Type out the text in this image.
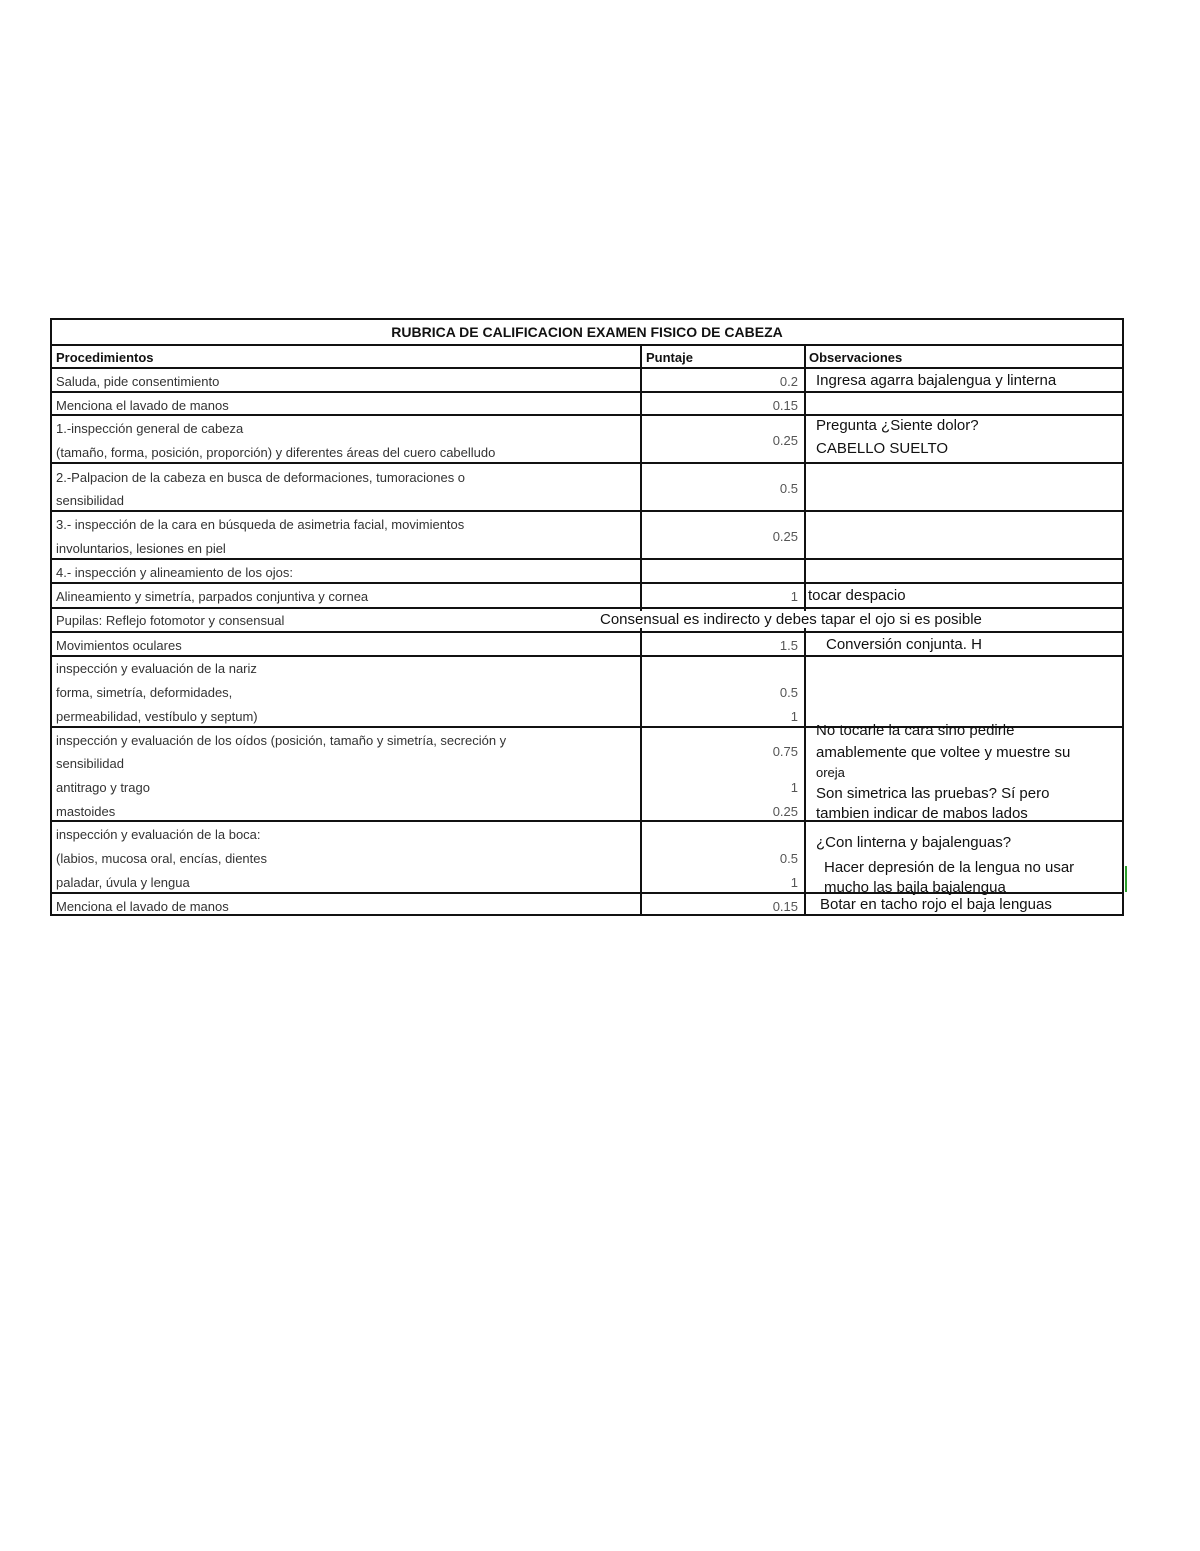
RUBRICA DE CALIFICACION EXAMEN FISICO DE CABEZA
Procedimientos	Puntaje	Observaciones
Saluda, pide consentimiento
Menciona el lavado de manos
1.-inspección general de cabeza
(tamaño, forma, posición, proporción) y diferentes áreas del cuero cabelludo
2.-Palpacion de la cabeza en busca de deformaciones, tumoraciones o
sensibilidad
3.- inspección de la cara en búsqueda de asimetria facial, movimientos
involuntarios, lesiones en piel
4.- inspección y alineamiento de los ojos:
Alineamiento y simetría, parpados conjuntiva y cornea
Pupilas: Reflejo fotomotor y consensual
Movimientos oculares
inspección y evaluación de la nariz
forma, simetría, deformidades,
permeabilidad, vestíbulo y septum)
inspección y evaluación de los oídos (posición, tamaño y simetría, secreción y
sensibilidad
antitrago y trago
mastoides
inspección y evaluación de la boca:
(labios, mucosa oral, encías, dientes
paladar, úvula y lengua
Menciona el lavado de manos
0.2
0.15
0.25
0.5
0.25
1
1.5
0.5
1
0.75
1
0.25
0.5
1
0.15
Ingresa agarra bajalengua y linterna
Pregunta ¿Siente dolor?
CABELLO SUELTO
tocar despacio
Consensual es indirecto y debes tapar el ojo si es posible
Conversión conjunta. H
No tocarle la cara sino pedirle
amablemente que voltee y muestre su
oreja
Son simetrica las pruebas? Sí pero
tambien indicar de mabos lados
¿Con linterna y bajalenguas?
Hacer depresión de la lengua no usar
mucho las bajla bajalengua
Botar en tacho rojo el baja lenguas
